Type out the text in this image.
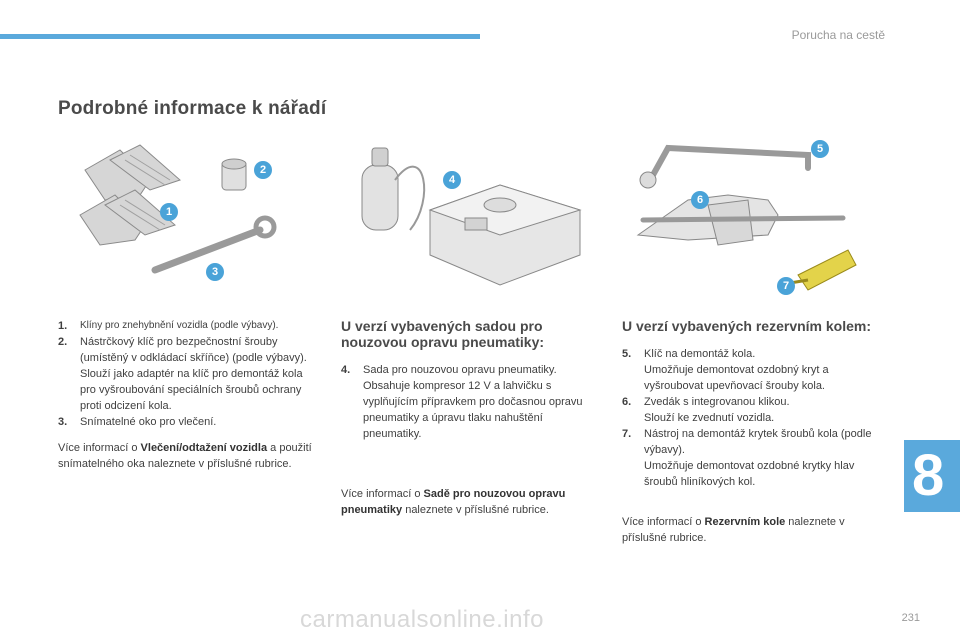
Porucha na cestě
Podrobné informace k nářadí
1
2
3
4
5
6
7
1. Klíny pro znehybnění vozidla (podle výbavy).
2. Nástrčkový klíč pro bezpečnostní šrouby (umístěný v odkládací skříňce) (podle výbavy).
Slouží jako adaptér na klíč pro demontáž kola pro vyšroubování speciálních šroubů ochrany proti odcizení kola.
3. Snímatelné oko pro vlečení.
Více informací o Vlečení/odtažení vozidla a použití snímatelného oka naleznete v příslušné rubrice.
U verzí vybavených sadou pro nouzovou opravu pneumatiky:
4. Sada pro nouzovou opravu pneumatiky.
Obsahuje kompresor 12 V a lahvičku s vyplňujícím přípravkem pro dočasnou opravu pneumatiky a úpravu tlaku nahuštění pneumatiky.
Více informací o Sadě pro nouzovou opravu pneumatiky naleznete v příslušné rubrice.
U verzí vybavených rezervním kolem:
5. Klíč na demontáž kola.
Umožňuje demontovat ozdobný kryt a vyšroubovat upevňovací šrouby kola.
6. Zvedák s integrovanou klikou.
Slouží ke zvednutí vozidla.
7. Nástroj na demontáž krytek šroubů kola (podle výbavy).
Umožňuje demontovat ozdobné krytky hlav šroubů hliníkových kol.
Více informací o Rezervním kole naleznete v příslušné rubrice.
8
231
carmanualsonline.info
